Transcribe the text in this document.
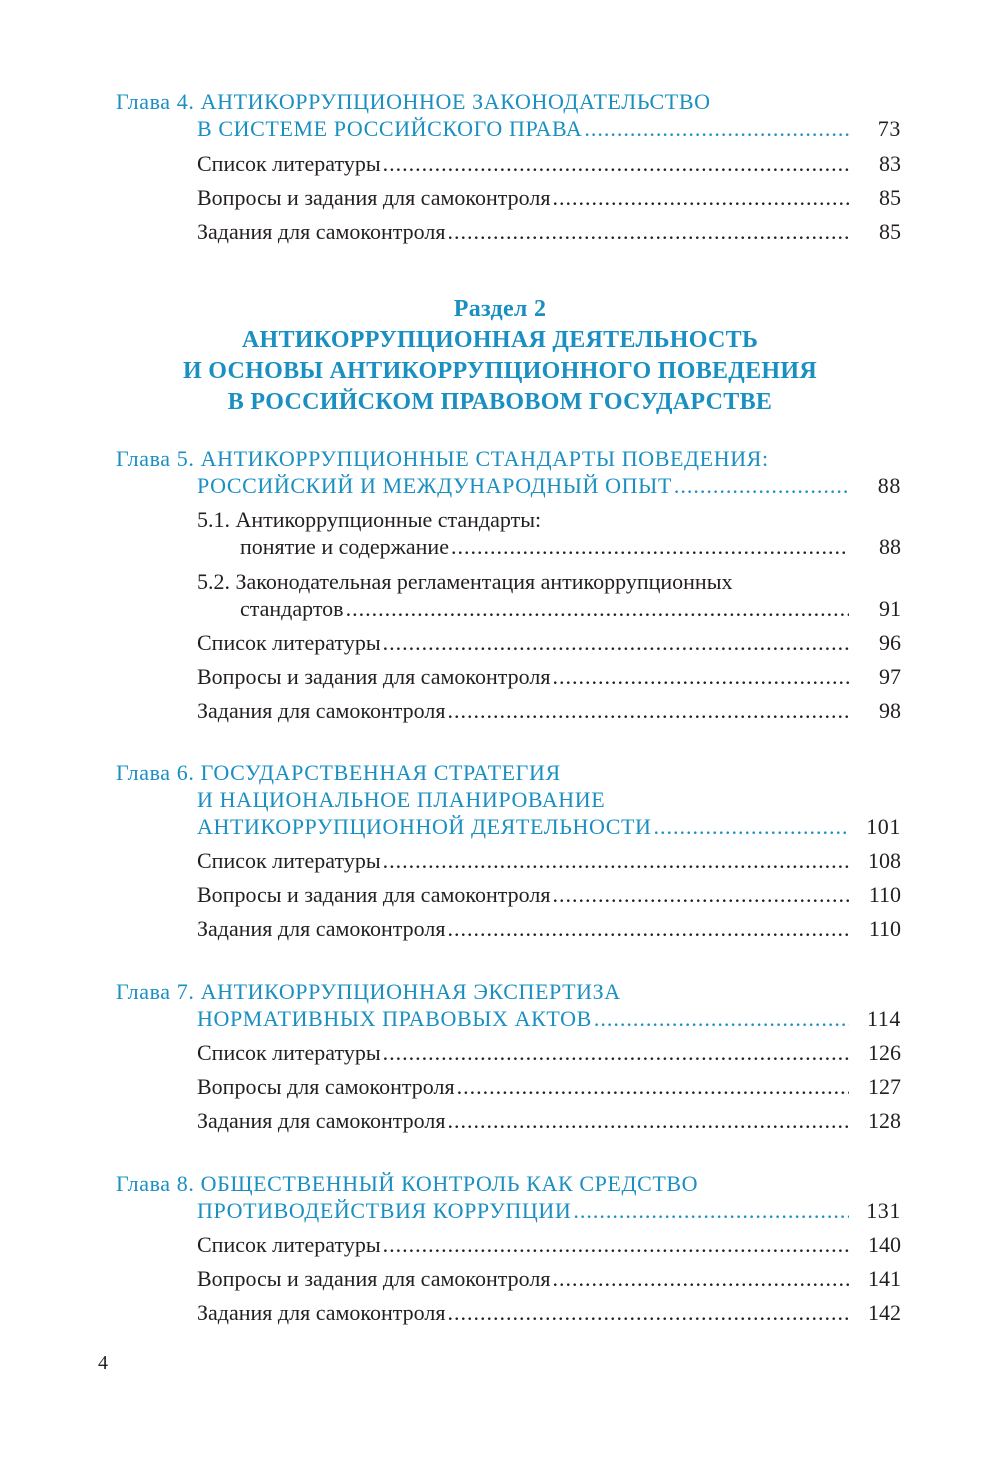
Глава 4. АНТИКОРРУПЦИОННОЕ ЗАКОНОДАТЕЛЬСТВО
В СИСТЕМЕ РОССИЙСКОГО ПРАВА .....	73
Список литературы .....	83
Вопросы и задания для самоконтроля .....	85
Задания для самоконтроля .....	85
Раздел 2
АНТИКОРРУПЦИОННАЯ ДЕЯТЕЛЬНОСТЬ
И ОСНОВЫ АНТИКОРРУПЦИОННОГО ПОВЕДЕНИЯ
В РОССИЙСКОМ ПРАВОВОМ ГОСУДАРСТВЕ
Глава 5. АНТИКОРРУПЦИОННЫЕ СТАНДАРТЫ ПОВЕДЕНИЯ:
РОССИЙСКИЙ И МЕЖДУНАРОДНЫЙ ОПЫТ .....	88
5.1. Антикоррупционные стандарты:
понятие и содержание .....	88
5.2. Законодательная регламентация антикоррупционных
стандартов .....	91
Список литературы .....	96
Вопросы и задания для самоконтроля .....	97
Задания для самоконтроля .....	98
Глава 6. ГОСУДАРСТВЕННАЯ СТРАТЕГИЯ
И НАЦИОНАЛЬНОЕ ПЛАНИРОВАНИЕ
АНТИКОРРУПЦИОННОЙ ДЕЯТЕЛЬНОСТИ .....	101
Список литературы .....	108
Вопросы и задания для самоконтроля .....	110
Задания для самоконтроля .....	110
Глава 7. АНТИКОРРУПЦИОННАЯ ЭКСПЕРТИЗА
НОРМАТИВНЫХ ПРАВОВЫХ АКТОВ .....	114
Список литературы .....	126
Вопросы для самоконтроля .....	127
Задания для самоконтроля .....	128
Глава 8. ОБЩЕСТВЕННЫЙ КОНТРОЛЬ КАК СРЕДСТВО
ПРОТИВОДЕЙСТВИЯ КОРРУПЦИИ .....	131
Список литературы .....	140
Вопросы и задания для самоконтроля .....	141
Задания для самоконтроля .....	142
4
